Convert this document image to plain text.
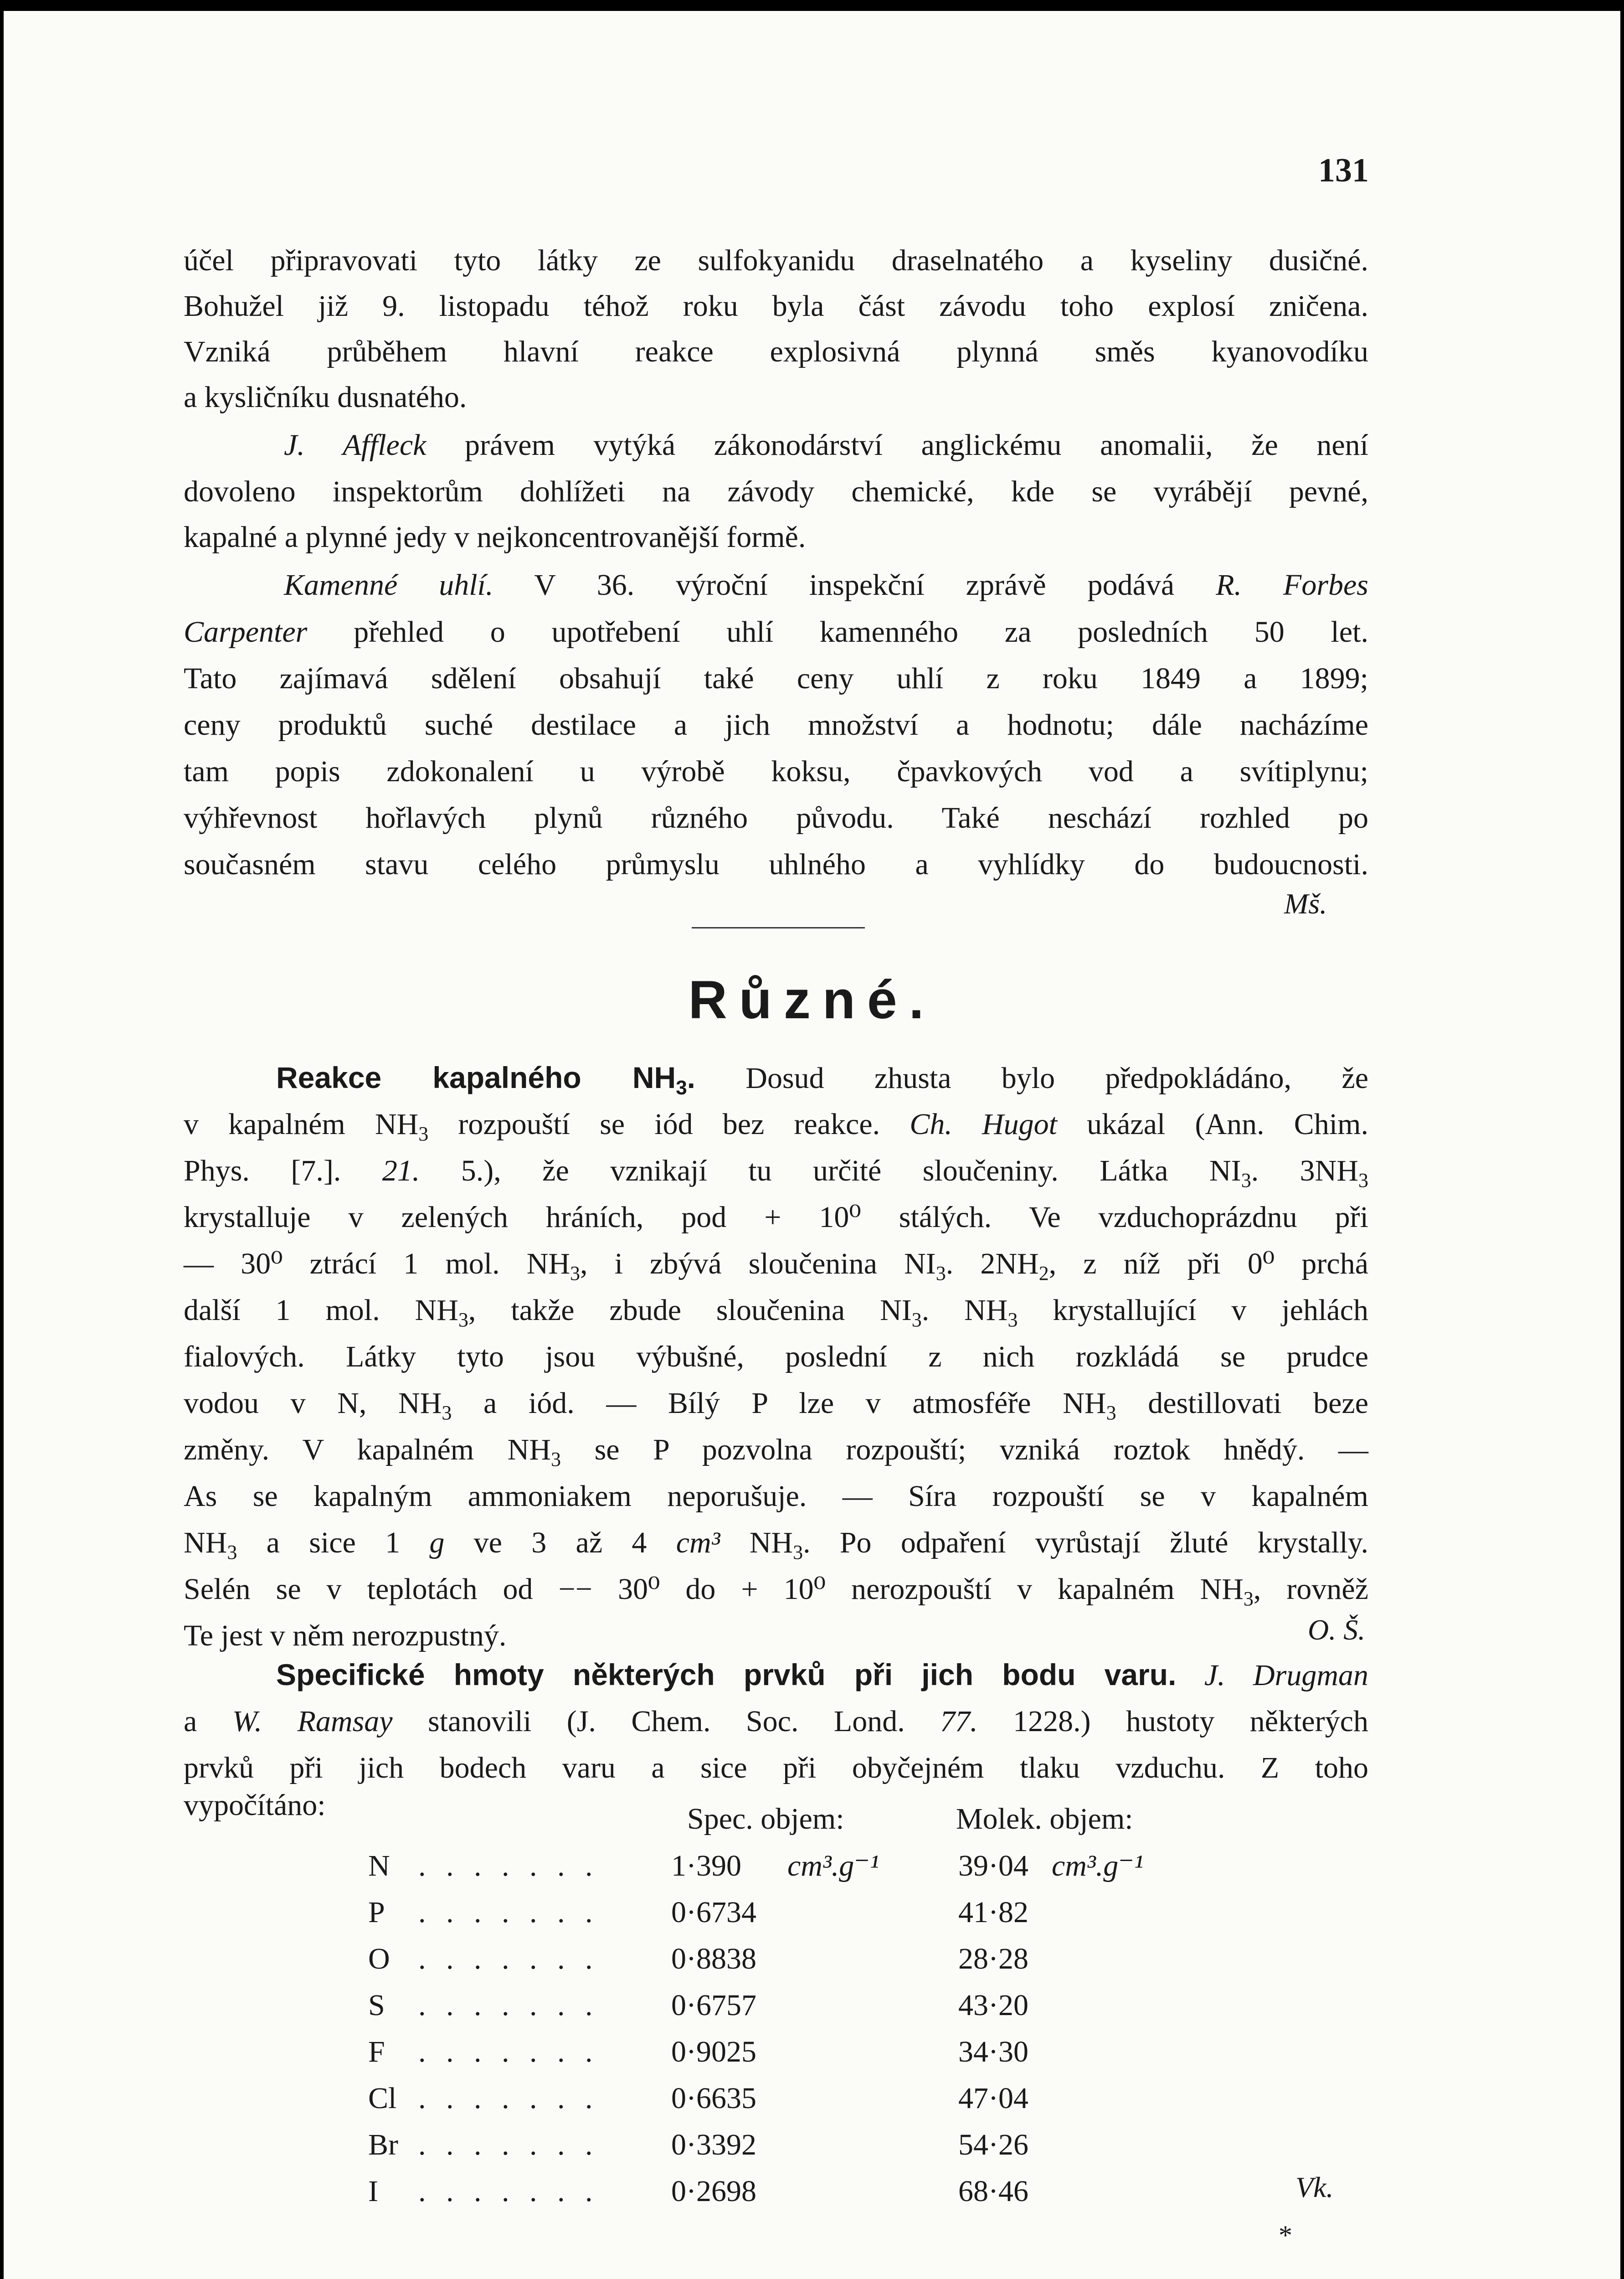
131
účel připravovati tyto látky ze sulfokyanidu draselnatého a kyseliny dusičné.
Bohužel již 9. listopadu téhož roku byla část závodu toho explosí zničena.
Vzniká průběhem hlavní reakce explosivná plynná směs kyanovodíku
a kysličníku dusnatého.
J. Affleck právem vytýká zákonodárství anglickému anomalii, že není
dovoleno inspektorům dohlížeti na závody chemické, kde se vyrábějí pevné,
kapalné a plynné jedy v nejkoncentrovanější formě.
Kamenné uhlí. V 36. výroční inspekční zprávě podává R. Forbes
Carpenter přehled o upotřebení uhlí kamenného za posledních 50 let.
Tato zajímavá sdělení obsahují také ceny uhlí z roku 1849 a 1899;
ceny produktů suché destilace a jich množství a hodnotu; dále nacházíme
tam popis zdokonalení u výrobě koksu, čpavkových vod a svítiplynu;
výhřevnost hořlavých plynů různého původu. Také neschází rozhled po
současném stavu celého průmyslu uhlného a vyhlídky do budoucnosti.
Mš.
Různé.
Reakce kapalného $NH_3$. Dosud zhusta bylo předpokládáno, že
v kapalném $NH_3$ rozpouští se iód bez reakce. Ch. Hugot ukázal (Ann. Chim.
Phys. [7.]. 21. 5.), že vznikají tu určité sloučeniny. Látka $NI_3$. $3NH_3$
krystalluje v zelených hráních, pod + 10⁰ stálých. Ve vzduchoprázdnu při
— 30⁰ ztrácí 1 mol. $NH_3$, i zbývá sloučenina $NI_3$. $2NH_2$, z níž při 0⁰ prchá
další 1 mol. $NH_3$, takže zbude sloučenina $NI_3$. $NH_3$ krystallující v jehlách
fialových. Látky tyto jsou výbušné, poslední z nich rozkládá se prudce
vodou v N, $NH_3$ a iód. — Bílý P lze v atmosféře $NH_3$ destillovati beze
změny. V kapalném $NH_3$ se P pozvolna rozpouští; vzniká roztok hnědý. —
As se kapalným ammoniakem neporušuje. — Síra rozpouští se v kapalném
$NH_3$ a sice 1 g ve 3 až 4 cm³ $NH_3$. Po odpaření vyrůstají žluté krystally.
Selén se v teplotách od −− 30⁰ do + 10⁰ nerozpouští v kapalném $NH_3$, rovněž
Te jest v něm nerozpustný.	O. Š.
Specifické hmoty některých prvků při jich bodu varu. J. Drugman
a W. Ramsay stanovili (J. Chem. Soc. Lond. 77. 1228.) hustoty některých
prvků při jich bodech varu a sice při obyčejném tlaku vzduchu. Z toho
vypočítáno:	Spec. objem:	Molek. objem:
N . . . . . . . 1·390 cm³.g⁻¹	39·04 cm³.g⁻¹
P . . . . . . . 0·6734	41·82
O . . . . . . . 0·8838	28·28
S . . . . . . . 0·6757	43·20
F . . . . . . . 0·9025	34·30
Cl . . . . . . . 0·6635	47·04
Br . . . . . . . 0·3392	54·26
I . . . . . . . 0·2698	68·46	Vk.
*
